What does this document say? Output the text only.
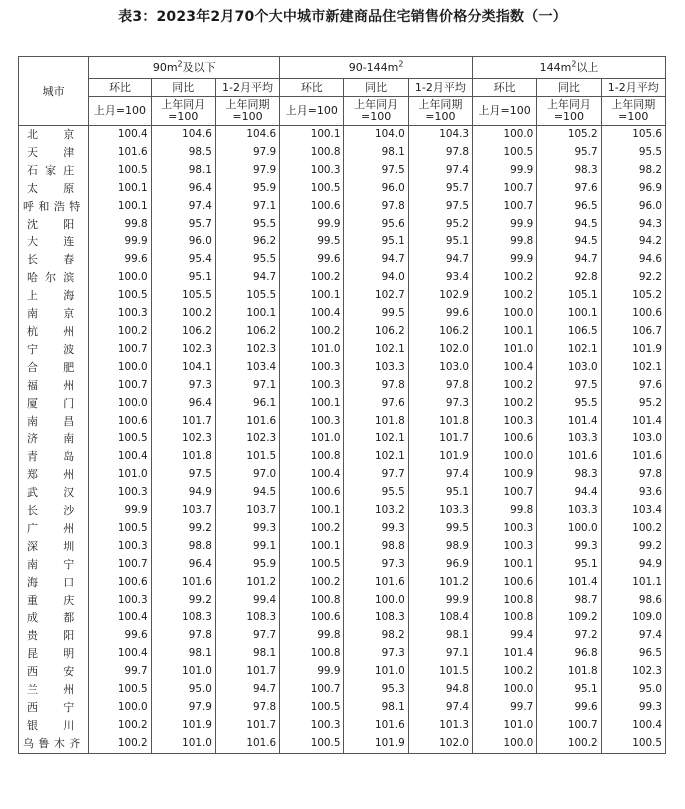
表3：2023年2月70个大中城市新建商品住宅销售价格分类指数（一）
城市	$90m^2$及以下			$90-144m^2$			$144m^2$以上		
	环比	同比	1-2月平均	环比	同比	1-2月平均	环比	同比	1-2月平均
	上月=100	上年同月=100	上年同期=100	上月=100	上年同月=100	上年同期=100	上月=100	上年同月=100	上年同期=100
北京	100.4	104.6	104.6	100.1	104.0	104.3	100.0	105.2	105.6
天津	101.6	98.5	97.9	100.8	98.1	97.8	100.5	95.7	95.5
石家庄	100.5	98.1	97.9	100.3	97.5	97.4	99.9	98.3	98.2
太原	100.1	96.4	95.9	100.5	96.0	95.7	100.7	97.6	96.9
呼和浩特	100.1	97.4	97.1	100.6	97.8	97.5	100.7	96.5	96.0
沈阳	99.8	95.7	95.5	99.9	95.6	95.2	99.9	94.5	94.3
大连	99.9	96.0	96.2	99.5	95.1	95.1	99.8	94.5	94.2
长春	99.6	95.4	95.5	99.6	94.7	94.7	99.9	94.7	94.6
哈尔滨	100.0	95.1	94.7	100.2	94.0	93.4	100.2	92.8	92.2
上海	100.5	105.5	105.5	100.1	102.7	102.9	100.2	105.1	105.2
南京	100.3	100.2	100.1	100.4	99.5	99.6	100.0	100.1	100.6
杭州	100.2	106.2	106.2	100.2	106.2	106.2	100.1	106.5	106.7
宁波	100.7	102.3	102.3	101.0	102.1	102.0	101.0	102.1	101.9
合肥	100.0	104.1	103.4	100.3	103.3	103.0	100.4	103.0	102.1
福州	100.7	97.3	97.1	100.3	97.8	97.8	100.2	97.5	97.6
厦门	100.0	96.4	96.1	100.1	97.6	97.3	100.2	95.5	95.2
南昌	100.6	101.7	101.6	100.3	101.8	101.8	100.3	101.4	101.4
济南	100.5	102.3	102.3	101.0	102.1	101.7	100.6	103.3	103.0
青岛	100.4	101.8	101.5	100.8	102.1	101.9	100.0	101.6	101.6
郑州	101.0	97.5	97.0	100.4	97.7	97.4	100.9	98.3	97.8
武汉	100.3	94.9	94.5	100.6	95.5	95.1	100.7	94.4	93.6
长沙	99.9	103.7	103.7	100.1	103.2	103.3	99.8	103.3	103.4
广州	100.5	99.2	99.3	100.2	99.3	99.5	100.3	100.0	100.2
深圳	100.3	98.8	99.1	100.1	98.8	98.9	100.3	99.3	99.2
南宁	100.7	96.4	95.9	100.5	97.3	96.9	100.1	95.1	94.9
海口	100.6	101.6	101.2	100.2	101.6	101.2	100.6	101.4	101.1
重庆	100.3	99.2	99.4	100.8	100.0	99.9	100.8	98.7	98.6
成都	100.4	108.3	108.3	100.6	108.3	108.4	100.8	109.2	109.0
贵阳	99.6	97.8	97.7	99.8	98.2	98.1	99.4	97.2	97.4
昆明	100.4	98.1	98.1	100.8	97.3	97.1	101.4	96.8	96.5
西安	99.7	101.0	101.7	99.9	101.0	101.5	100.2	101.8	102.3
兰州	100.5	95.0	94.7	100.7	95.3	94.8	100.0	95.1	95.0
西宁	100.0	97.9	97.8	100.5	98.1	97.4	99.7	99.6	99.3
银川	100.2	101.9	101.7	100.3	101.6	101.3	101.0	100.7	100.4
乌鲁木齐	100.2	101.0	101.6	100.5	101.9	102.0	100.0	100.2	100.5
